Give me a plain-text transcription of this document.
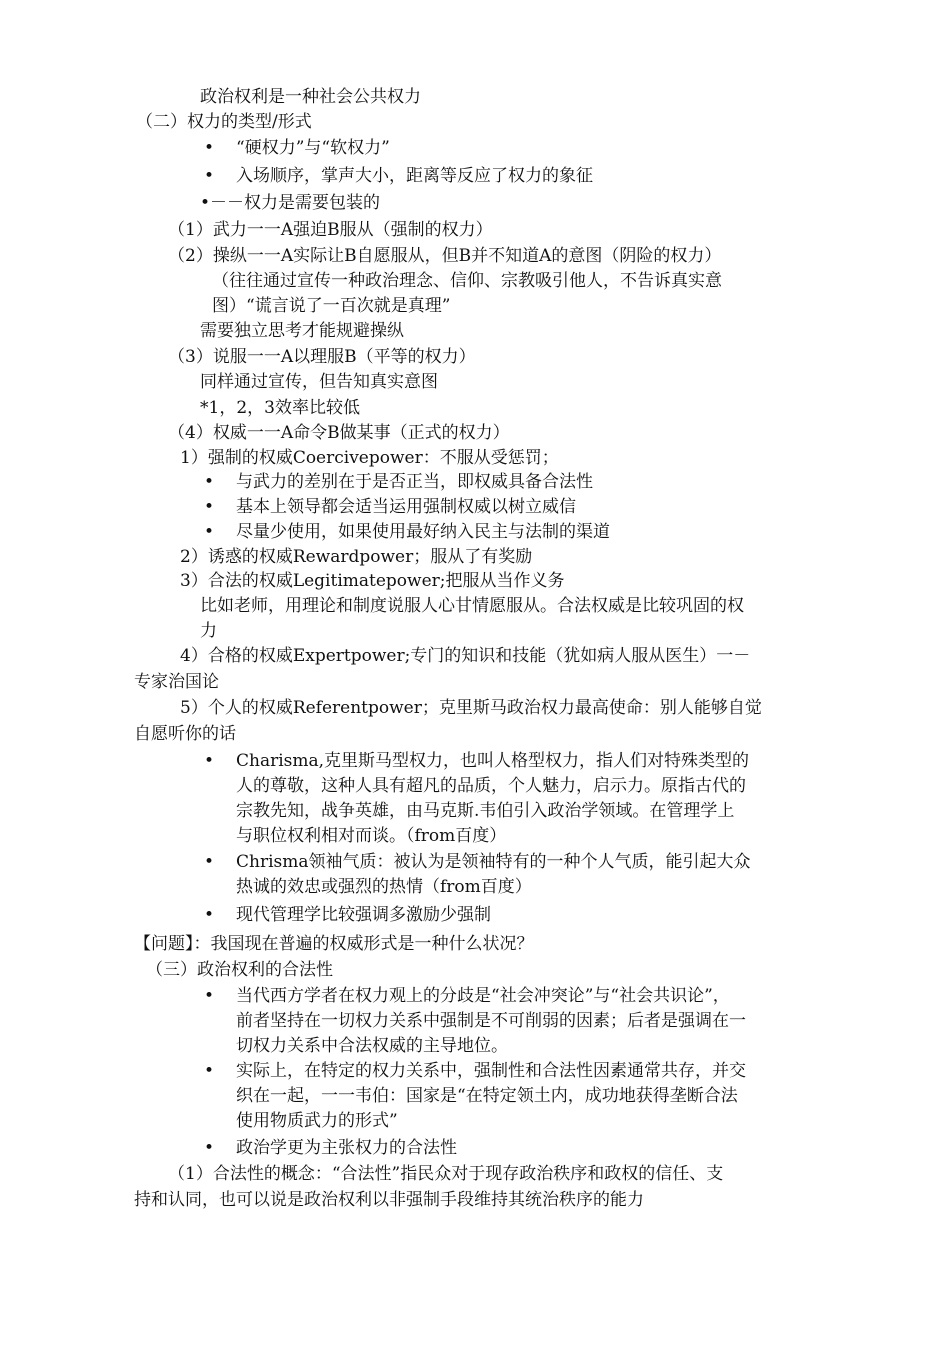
政治权利是一种社会公共权力
（二）权力的类型/形式
• “硬权力”与“软权力”
• 入场顺序，掌声大小，距离等反应了权力的象征
•－－权力是需要包装的
（1）武力一一A强迫B服从（强制的权力）
（2）操纵一一A实际让B自愿服从，但B并不知道A的意图（阴险的权力）
（往往通过宣传一种政治理念、信仰、宗教吸引他人，不告诉真实意
图）“谎言说了一百次就是真理”
需要独立思考才能规避操纵
（3）说服一一A以理服B（平等的权力）
同样通过宣传，但告知真实意图
*1，2，3效率比较低
（4）权威一一A命令B做某事（正式的权力）
1）强制的权威Coercivepower：不服从受惩罚；
• 与武力的差别在于是否正当，即权威具备合法性
• 基本上领导都会适当运用强制权威以树立威信
• 尽量少使用，如果使用最好纳入民主与法制的渠道
2）诱惑的权威Rewardpower；服从了有奖励
3）合法的权威Legitimatepower;把服从当作义务
比如老师，用理论和制度说服人心甘情愿服从。合法权威是比较巩固的权
力
4）合格的权威Expertpower;专门的知识和技能（犹如病人服从医生）一－
专家治国论
5）个人的权威Referentpower；克里斯马政治权力最高使命：别人能够自觉
自愿听你的话
• Charisma,克里斯马型权力，也叫人格型权力，指人们对特殊类型的
人的尊敬，这种人具有超凡的品质，个人魅力，启示力。原指古代的
宗教先知，战争英雄，由马克斯.韦伯引入政治学领域。在管理学上
与职位权利相对而谈。（from百度）
• Chrisma领袖气质：被认为是领袖特有的一种个人气质，能引起大众
热诚的效忠或强烈的热情（from百度）
• 现代管理学比较强调多激励少强制
【问题】：我国现在普遍的权威形式是一种什么状况？
（三）政治权利的合法性
• 当代西方学者在权力观上的分歧是“社会冲突论”与“社会共识论”，
前者坚持在一切权力关系中强制是不可削弱的因素；后者是强调在一
切权力关系中合法权威的主导地位。
• 实际上，在特定的权力关系中，强制性和合法性因素通常共存，并交
织在一起，一一韦伯：国家是“在特定领土内，成功地获得垄断合法
使用物质武力的形式”
• 政治学更为主张权力的合法性
（1）合法性的概念：“合法性”指民众对于现存政治秩序和政权的信任、支
持和认同，也可以说是政治权利以非强制手段维持其统治秩序的能力
